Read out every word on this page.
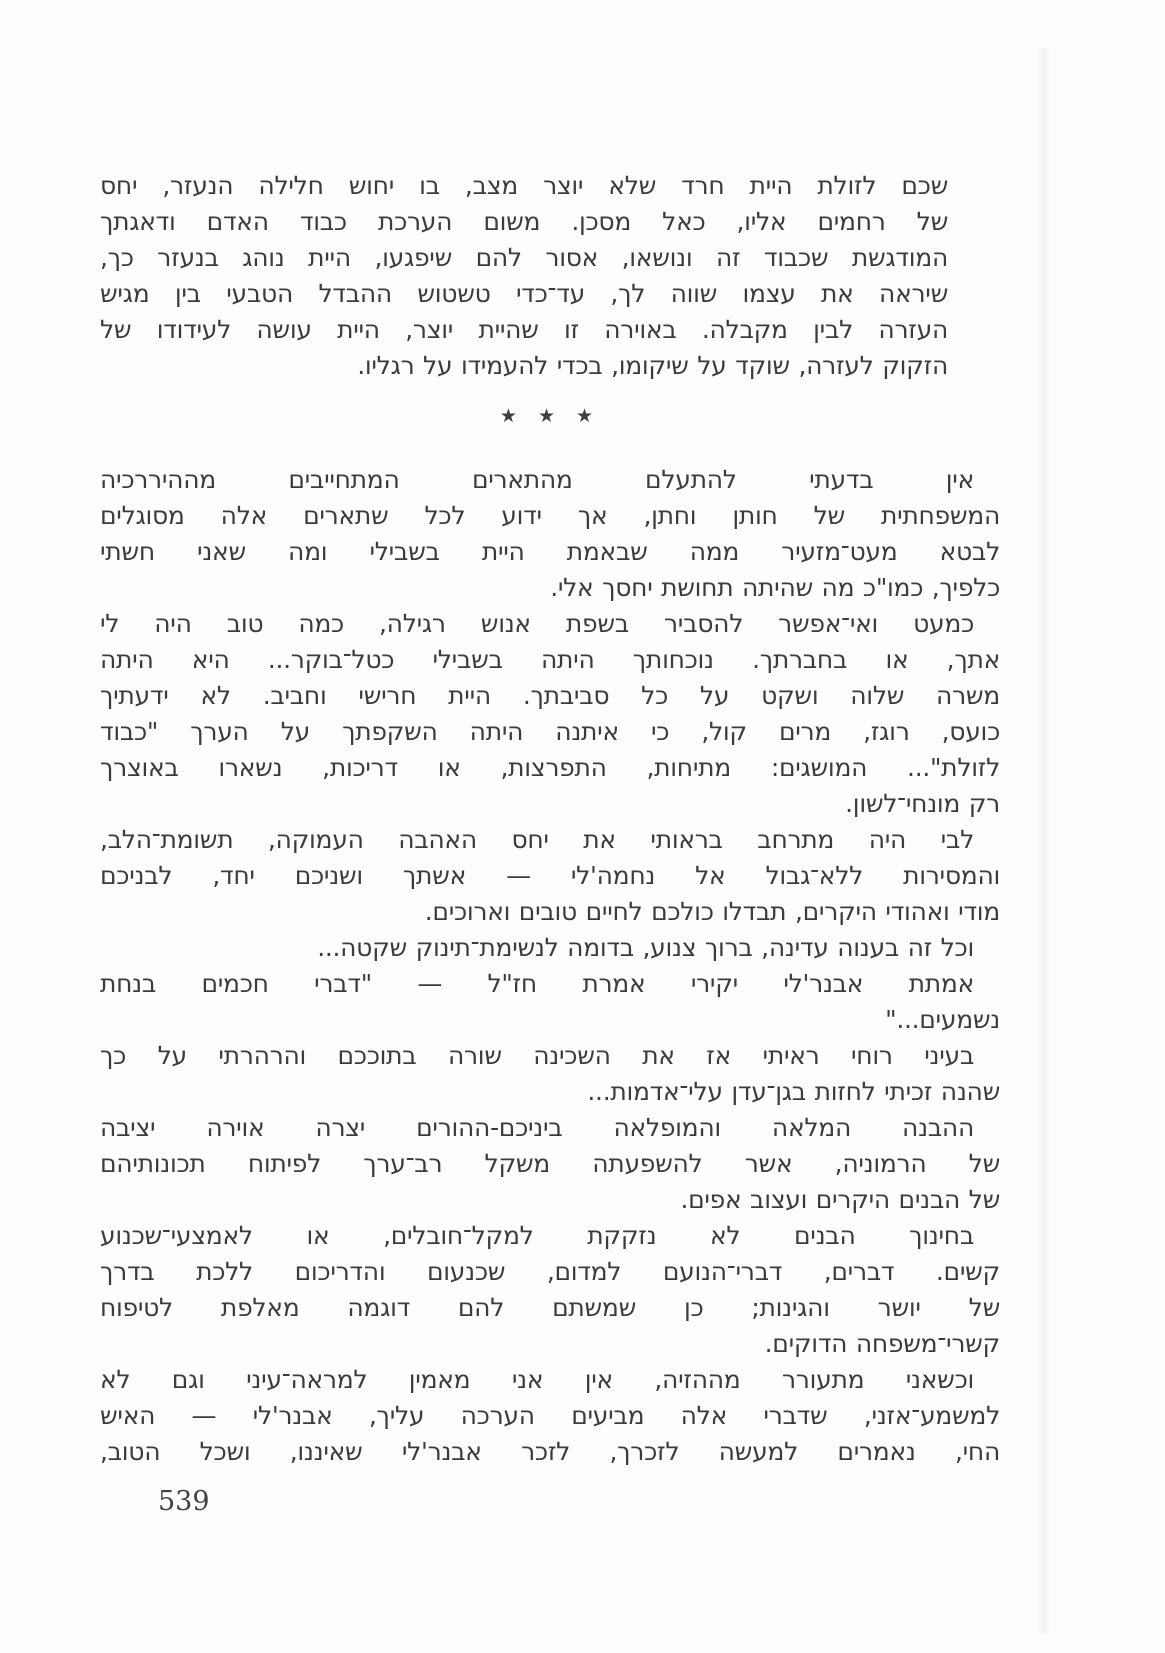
שכם לזולת היית חרד שלא יוצר מצב, בו יחוש חלילה הנעזר, יחס
של רחמים אליו, כאל מסכן. משום הערכת כבוד האדם ודאגתך
המודגשת שכבוד זה ונושאו, אסור להם שיפגעו, היית נוהג בנעזר כך,
שיראה את עצמו שווה לך, עד־כדי טשטוש ההבדל הטבעי בין מגיש
העזרה לבין מקבלה. באוירה זו שהיית יוצר, היית עושה לעידודו של
הזקוק לעזרה, שוקד על שיקומו, בכדי להעמידו על רגליו.
★ ★ ★
אין בדעתי להתעלם מהתארים המתחייבים מההיררכיה
המשפחתית של חותן וחתן, אך ידוע לכל שתארים אלה מסוגלים
לבטא מעט־מזעיר ממה שבאמת היית בשבילי ומה שאני חשתי
כלפיך, כמו"כ מה שהיתה תחושת יחסך אלי.
כמעט ואי־אפשר להסביר בשפת אנוש רגילה, כמה טוב היה לי
אתך, או בחברתך. נוכחותך היתה בשבילי כטל־בוקר... היא היתה
משרה שלוה ושקט על כל סביבתך. היית חרישי וחביב. לא ידעתיך
כועס, רוגז, מרים קול, כי איתנה היתה השקפתך על הערך "כבוד
לזולת"... המושגים: מתיחות, התפרצות, או דריכות, נשארו באוצרך
רק מונחי־לשון.
לבי היה מתרחב בראותי את יחס האהבה העמוקה, תשומת־הלב,
והמסירות ללא־גבול אל נחמה'לי — אשתך ושניכם יחד, לבניכם
מודי ואהודי היקרים, תבדלו כולכם לחיים טובים וארוכים.
וכל זה בענוה עדינה, ברוך צנוע, בדומה לנשימת־תינוק שקטה...
אמתת אבנר'לי יקירי אמרת חז"ל — "דברי חכמים בנחת
נשמעים..."
בעיני רוחי ראיתי אז את השכינה שורה בתוככם והרהרתי על כך
שהנה זכיתי לחזות בגן־עדן עלי־אדמות...
ההבנה המלאה והמופלאה ביניכם-ההורים יצרה אוירה יציבה
של הרמוניה, אשר להשפעתה משקל רב־ערך לפיתוח תכונותיהם
של הבנים היקרים ועצוב אפים.
בחינוך הבנים לא נזקקת למקל־חובלים, או לאמצעי־שכנוע
קשים. דברים, דברי־הנועם למדום, שכנעום והדריכום ללכת בדרך
של יושר והגינות; כן שמשתם להם דוגמה מאלפת לטיפוח
קשרי־משפחה הדוקים.
וכשאני מתעורר מההזיה, אין אני מאמין למראה־עיני וגם לא
למשמע־אזני, שדברי אלה מביעים הערכה עליך, אבנר'לי — האיש
החי, נאמרים למעשה לזכרך, לזכר אבנר'לי שאיננו, ושכל הטוב,
539
